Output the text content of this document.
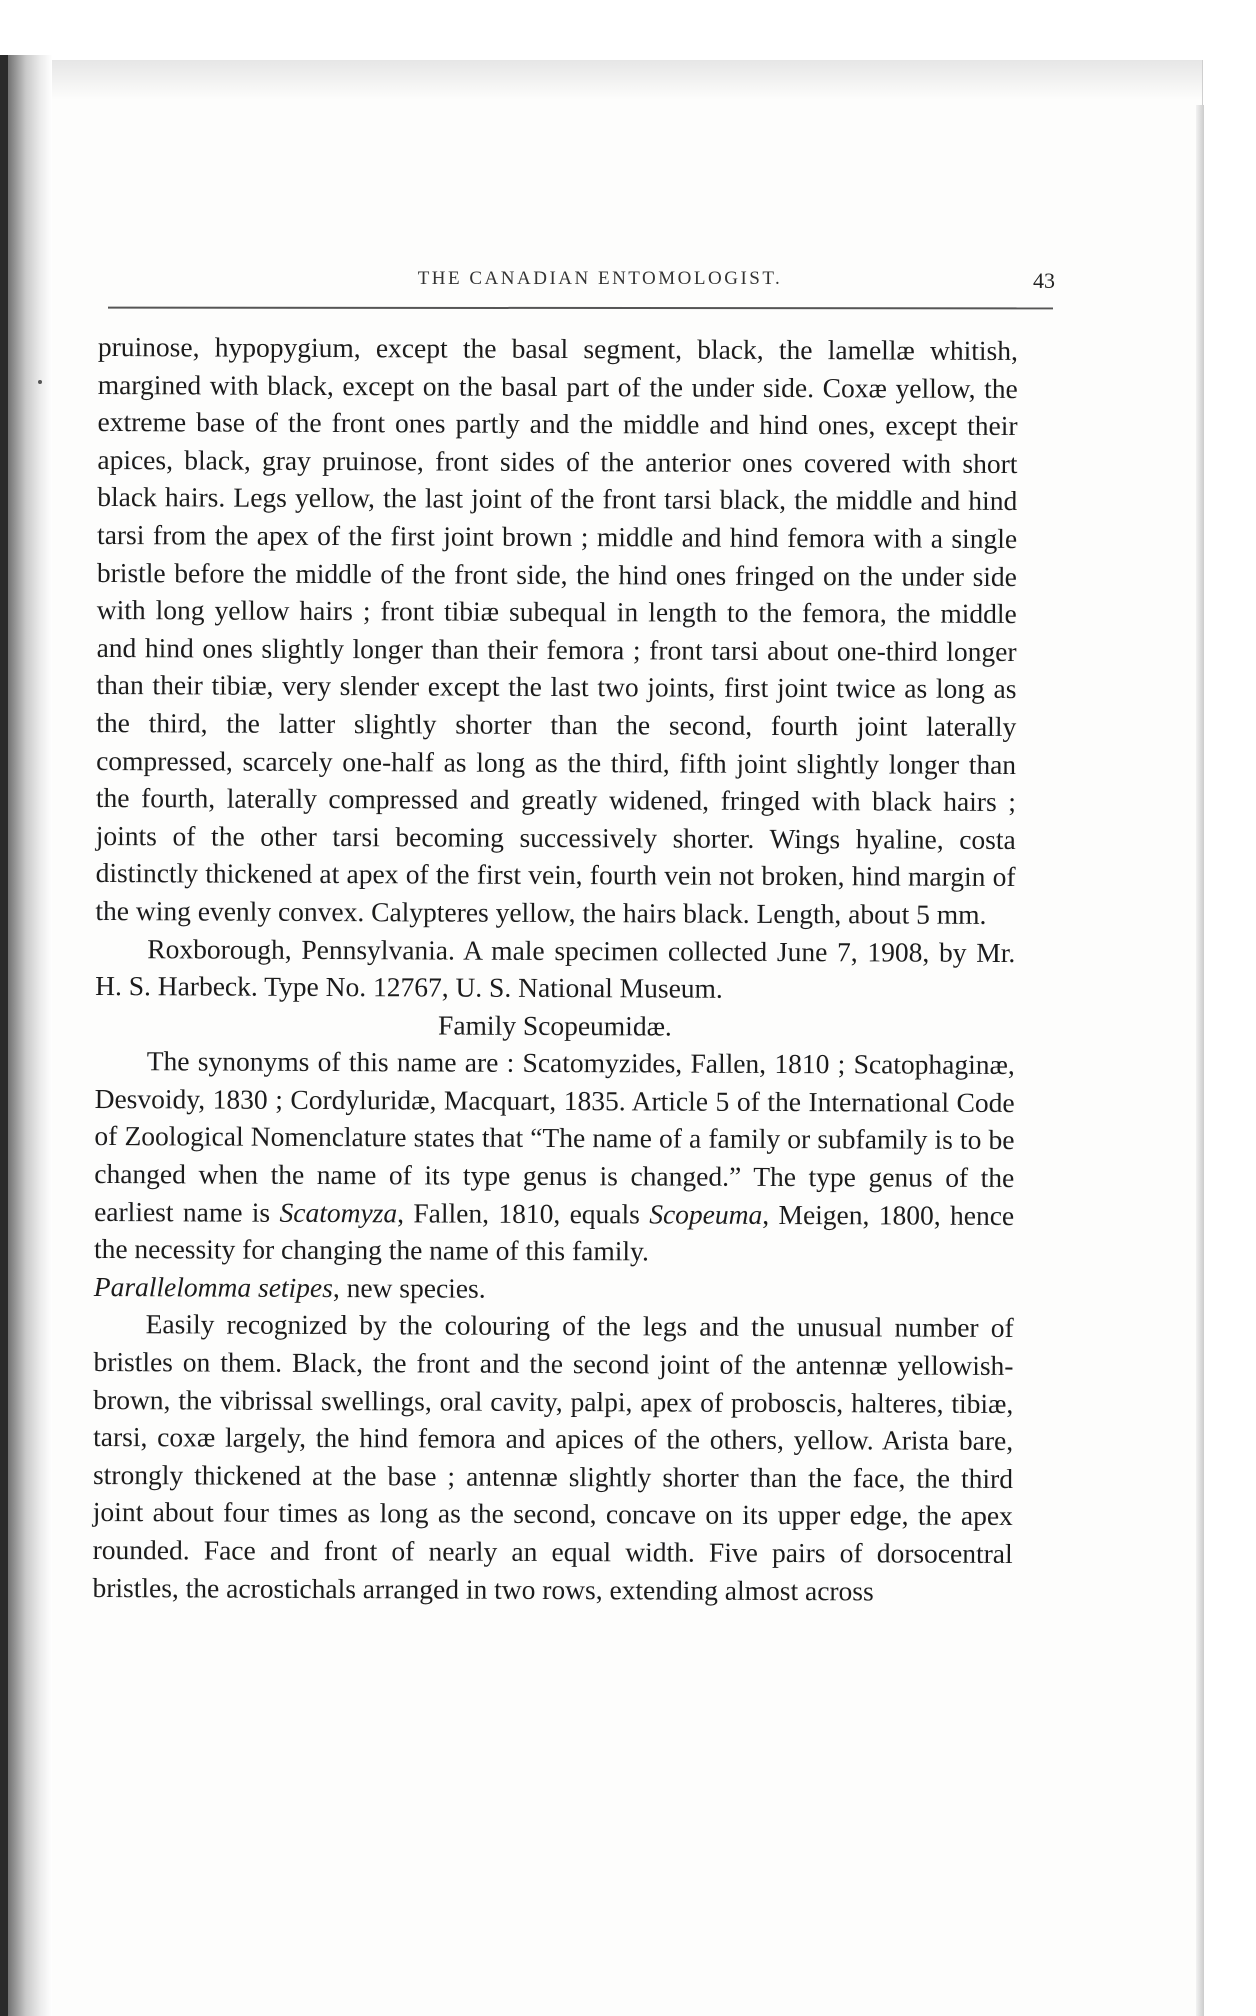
THE CANADIAN ENTOMOLOGIST.	43

pruinose, hypopygium, except the basal segment, black, the lamellæ whitish, margined with black, except on the basal part of the under side. Coxæ yellow, the extreme base of the front ones partly and the middle and hind ones, except their apices, black, gray pruinose, front sides of the anterior ones covered with short black hairs. Legs yellow, the last joint of the front tarsi black, the middle and hind tarsi from the apex of the first joint brown ; middle and hind femora with a single bristle before the middle of the front side, the hind ones fringed on the under side with long yellow hairs ; front tibiæ subequal in length to the femora, the middle and hind ones slightly longer than their femora ; front tarsi about one-third longer than their tibiæ, very slender except the last two joints, first joint twice as long as the third, the latter slightly shorter than the second, fourth joint laterally compressed, scarcely one-half as long as the third, fifth joint slightly longer than the fourth, laterally compressed and greatly widened, fringed with black hairs ; joints of the other tarsi becoming successively shorter. Wings hyaline, costa distinctly thickened at apex of the first vein, fourth vein not broken, hind margin of the wing evenly convex. Calypteres yellow, the hairs black. Length, about 5 mm.

Roxborough, Pennsylvania. A male specimen collected June 7, 1908, by Mr. H. S. Harbeck. Type No. 12767, U. S. National Museum.

Family Scopeumidæ.

The synonyms of this name are : Scatomyzides, Fallen, 1810 ; Scatophaginæ, Desvoidy, 1830 ; Cordyluridæ, Macquart, 1835. Article 5 of the International Code of Zoological Nomenclature states that “The name of a family or subfamily is to be changed when the name of its type genus is changed.” The type genus of the earliest name is Scatomyza, Fallen, 1810, equals Scopeuma, Meigen, 1800, hence the necessity for changing the name of this family.

Parallelomma setipes, new species.

Easily recognized by the colouring of the legs and the unusual number of bristles on them. Black, the front and the second joint of the antennæ yellowish-brown, the vibrissal swellings, oral cavity, palpi, apex of proboscis, halteres, tibiæ, tarsi, coxæ largely, the hind femora and apices of the others, yellow. Arista bare, strongly thickened at the base ; antennæ slightly shorter than the face, the third joint about four times as long as the second, concave on its upper edge, the apex rounded. Face and front of nearly an equal width. Five pairs of dorsocentral bristles, the acrostichals arranged in two rows, extending almost across
